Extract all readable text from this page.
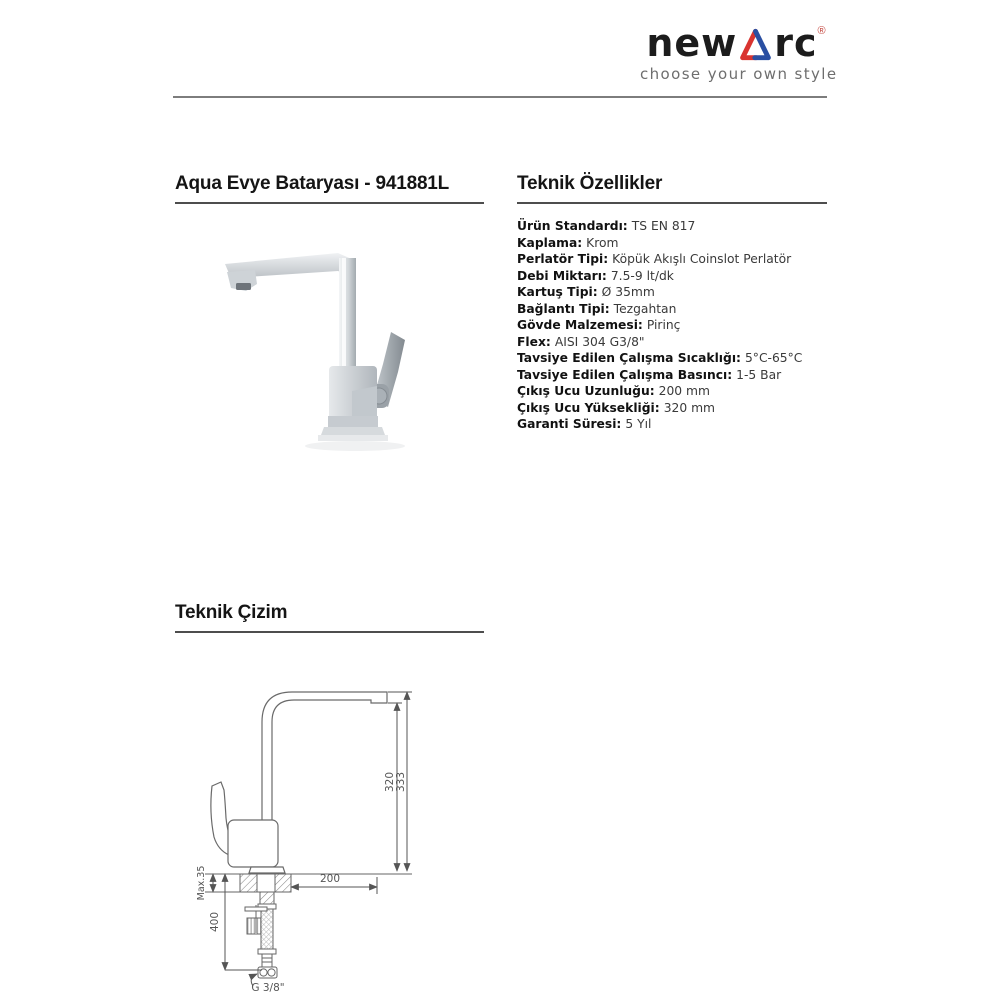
new rc ®
choose your own style
Aqua Evye Bataryası - 941881L	Teknik Özellikler
Ürün Standardı: TS EN 817
Kaplama: Krom
Perlatör Tipi: Köpük Akışlı Coinslot Perlatör
Debi Miktarı: 7.5-9 lt/dk
Kartuş Tipi: Ø 35mm
Bağlantı Tipi: Tezgahtan
Gövde Malzemesi: Pirinç
Flex: AISI 304 G3/8"
Tavsiye Edilen Çalışma Sıcaklığı: 5°C-65°C
Tavsiye Edilen Çalışma Basıncı: 1-5 Bar
Çıkış Ucu Uzunluğu: 200 mm
Çıkış Ucu Yüksekliği: 320 mm
Garanti Süresi: 5 Yıl
Teknik Çizim
320 333
200
Max.35
400
G 3/8"
